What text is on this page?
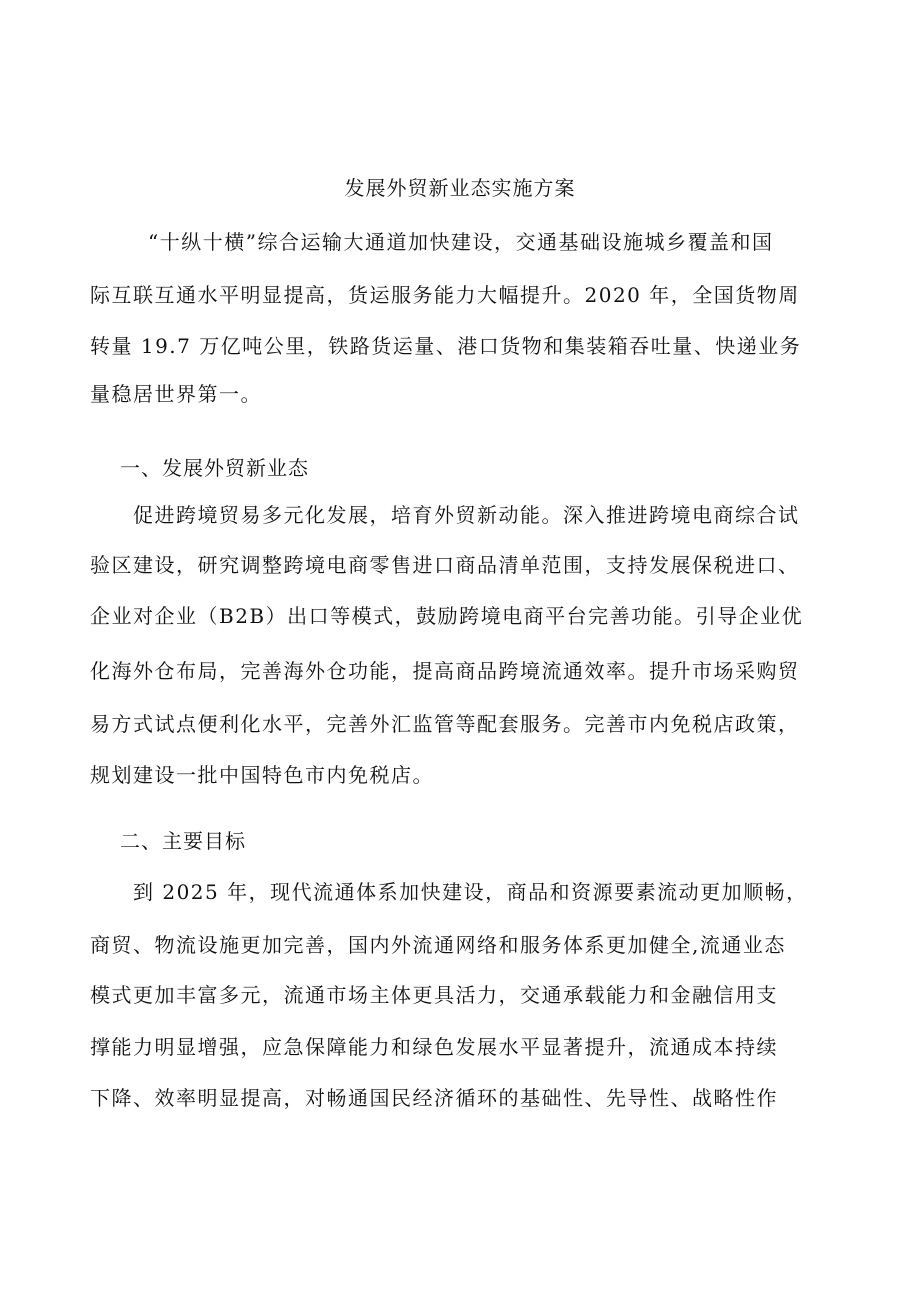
发展外贸新业态实施方案
“十纵十横”综合运输大通道加快建设，交通基础设施城乡覆盖和国
际互联互通水平明显提高，货运服务能力大幅提升。2020 年，全国货物周
转量 19.7 万亿吨公里，铁路货运量、港口货物和集装箱吞吐量、快递业务
量稳居世界第一。
一、发展外贸新业态
促进跨境贸易多元化发展，培育外贸新动能。深入推进跨境电商综合试
验区建设，研究调整跨境电商零售进口商品清单范围，支持发展保税进口、
企业对企业（B2B）出口等模式，鼓励跨境电商平台完善功能。引导企业优
化海外仓布局，完善海外仓功能，提高商品跨境流通效率。提升市场采购贸
易方式试点便利化水平，完善外汇监管等配套服务。完善市内免税店政策，
规划建设一批中国特色市内免税店。
二、主要目标
到 2025 年，现代流通体系加快建设，商品和资源要素流动更加顺畅，
商贸、物流设施更加完善，国内外流通网络和服务体系更加健全,流通业态
模式更加丰富多元，流通市场主体更具活力，交通承载能力和金融信用支
撑能力明显增强，应急保障能力和绿色发展水平显著提升，流通成本持续
下降、效率明显提高，对畅通国民经济循环的基础性、先导性、战略性作
